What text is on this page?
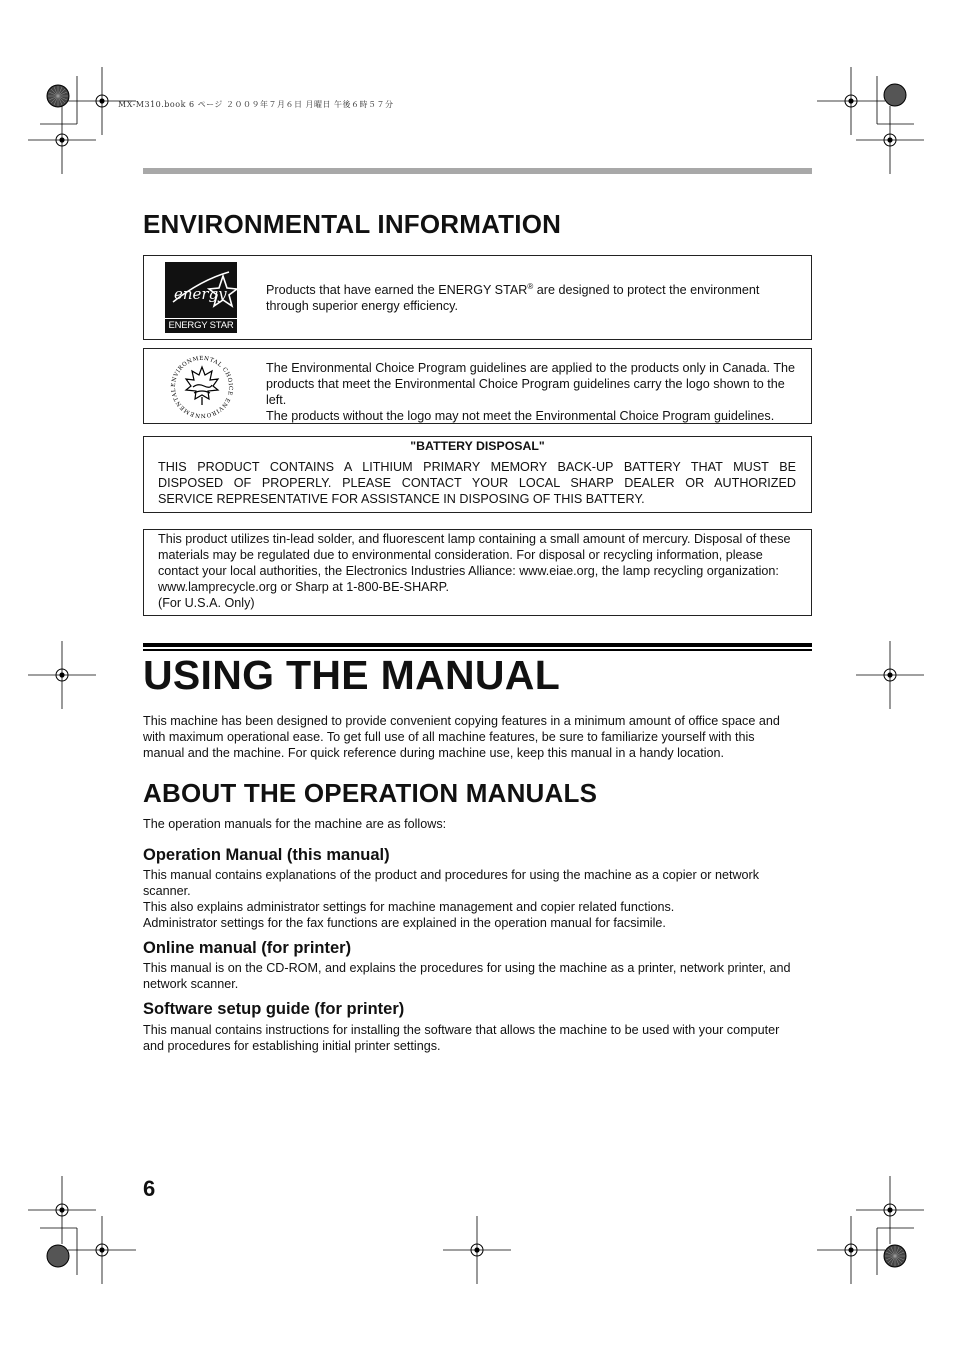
MX-M310.book 6 ページ ２００９年７月６日 月曜日 午後６時５７分
ENVIRONMENTAL INFORMATION
energy
ENERGY STAR
Products that have earned the ENERGY STAR® are designed to protect the environment
through superior energy efficiency.
ENVIRONMENTAL CHOICE ENVIRONNEMENTAL
The Environmental Choice Program guidelines are applied to the products only in Canada. The
products that meet the Environmental Choice Program guidelines carry the logo shown to the left.
The products without the logo may not meet the Environmental Choice Program guidelines.
"BATTERY DISPOSAL"
THIS PRODUCT CONTAINS A LITHIUM PRIMARY MEMORY BACK-UP BATTERY THAT MUST BE
DISPOSED OF PROPERLY. PLEASE CONTACT YOUR LOCAL SHARP DEALER OR AUTHORIZED
SERVICE REPRESENTATIVE FOR ASSISTANCE IN DISPOSING OF THIS BATTERY.
This product utilizes tin-lead solder, and fluorescent lamp containing a small amount of mercury. Disposal of these
materials may be regulated due to environmental consideration. For disposal or recycling information, please
contact your local authorities, the Electronics Industries Alliance: www.eiae.org, the lamp recycling organization:
www.lamprecycle.org or Sharp at 1-800-BE-SHARP.
(For U.S.A. Only)
USING THE MANUAL
This machine has been designed to provide convenient copying features in a minimum amount of office space and
with maximum operational ease. To get full use of all machine features, be sure to familiarize yourself with this
manual and the machine. For quick reference during machine use, keep this manual in a handy location.
ABOUT THE OPERATION MANUALS
The operation manuals for the machine are as follows:
Operation Manual (this manual)
This manual contains explanations of the product and procedures for using the machine as a copier or network
scanner.
This also explains administrator settings for machine management and copier related functions.
Administrator settings for the fax functions are explained in the operation manual for facsimile.
Online manual (for printer)
This manual is on the CD-ROM, and explains the procedures for using the machine as a printer, network printer, and
network scanner.
Software setup guide (for printer)
This manual contains instructions for installing the software that allows the machine to be used with your computer
and procedures for establishing initial printer settings.
6
